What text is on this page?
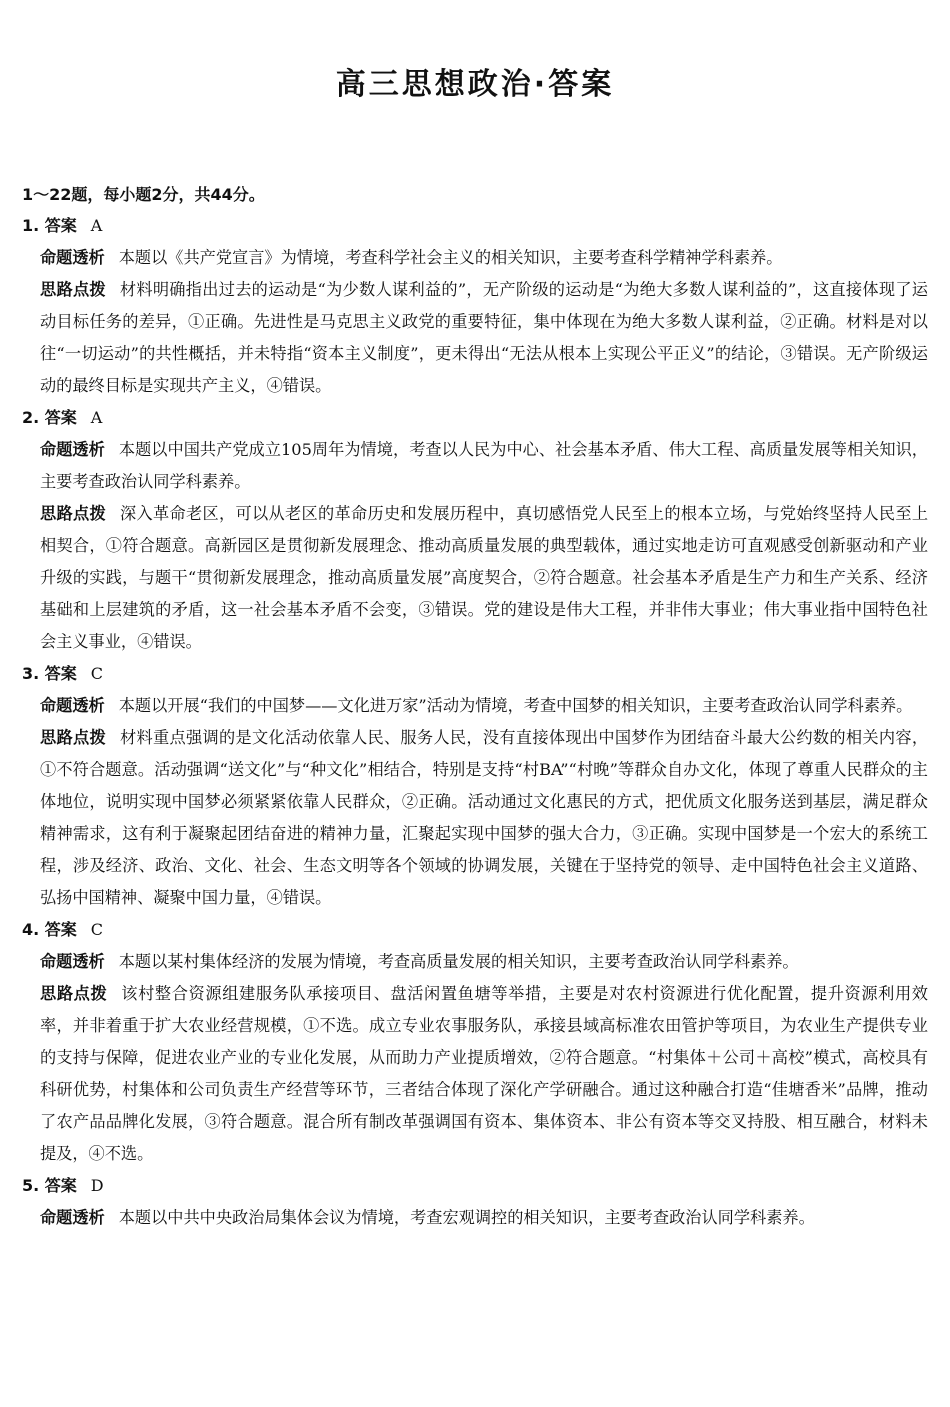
高三思想政治·答案
1～22题，每小题2分，共44分。
1. 答案 A

命题透析 本题以《共产党宣言》为情境，考查科学社会主义的相关知识，主要考查科学精神学科素养。

思路点拨 材料明确指出过去的运动是“为少数人谋利益的”，无产阶级的运动是“为绝大多数人谋利益的”，这直接体现了运动目标任务的差异，①正确。先进性是马克思主义政党的重要特征，集中体现在为绝大多数人谋利益，②正确。材料是对以往“一切运动”的共性概括，并未特指“资本主义制度”，更未得出“无法从根本上实现公平正义”的结论，③错误。无产阶级运动的最终目标是实现共产主义，④错误。

2. 答案 A

命题透析 本题以中国共产党成立105周年为情境，考查以人民为中心、社会基本矛盾、伟大工程、高质量发展等相关知识，主要考查政治认同学科素养。

思路点拨 深入革命老区，可以从老区的革命历史和发展历程中，真切感悟党人民至上的根本立场，与党始终坚持人民至上相契合，①符合题意。高新园区是贯彻新发展理念、推动高质量发展的典型载体，通过实地走访可直观感受创新驱动和产业升级的实践，与题干“贯彻新发展理念，推动高质量发展”高度契合，②符合题意。社会基本矛盾是生产力和生产关系、经济基础和上层建筑的矛盾，这一社会基本矛盾不会变，③错误。党的建设是伟大工程，并非伟大事业；伟大事业指中国特色社会主义事业，④错误。

3. 答案 C

命题透析 本题以开展“我们的中国梦——文化进万家”活动为情境，考查中国梦的相关知识，主要考查政治认同学科素养。

思路点拨 材料重点强调的是文化活动依靠人民、服务人民，没有直接体现出中国梦作为团结奋斗最大公约数的相关内容，①不符合题意。活动强调“送文化”与“种文化”相结合，特别是支持“村BA”“村晚”等群众自办文化，体现了尊重人民群众的主体地位，说明实现中国梦必须紧紧依靠人民群众，②正确。活动通过文化惠民的方式，把优质文化服务送到基层，满足群众精神需求，这有利于凝聚起团结奋进的精神力量，汇聚起实现中国梦的强大合力，③正确。实现中国梦是一个宏大的系统工程，涉及经济、政治、文化、社会、生态文明等各个领域的协调发展，关键在于坚持党的领导、走中国特色社会主义道路、弘扬中国精神、凝聚中国力量，④错误。

4. 答案 C

命题透析 本题以某村集体经济的发展为情境，考查高质量发展的相关知识，主要考查政治认同学科素养。

思路点拨 该村整合资源组建服务队承接项目、盘活闲置鱼塘等举措，主要是对农村资源进行优化配置，提升资源利用效率，并非着重于扩大农业经营规模，①不选。成立专业农事服务队，承接县域高标准农田管护等项目，为农业生产提供专业的支持与保障，促进农业产业的专业化发展，从而助力产业提质增效，②符合题意。“村集体＋公司＋高校”模式，高校具有科研优势，村集体和公司负责生产经营等环节，三者结合体现了深化产学研融合。通过这种融合打造“佳塘香米”品牌，推动了农产品品牌化发展，③符合题意。混合所有制改革强调国有资本、集体资本、非公有资本等交叉持股、相互融合，材料未提及，④不选。

5. 答案 D

命题透析 本题以中共中央政治局集体会议为情境，考查宏观调控的相关知识，主要考查政治认同学科素养。
